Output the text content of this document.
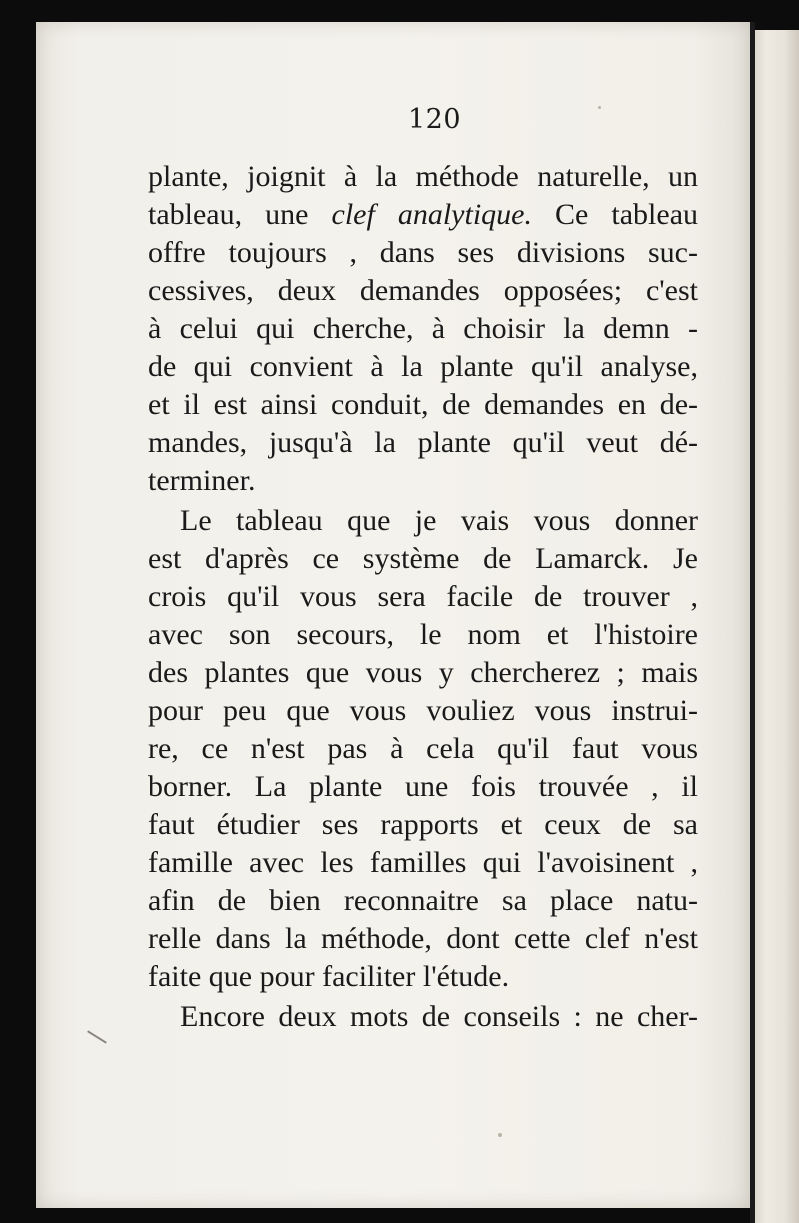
120
plante, joignit à la méthode naturelle, un
tableau, une clef analytique. Ce tableau
offre toujours , dans ses divisions suc-
cessives, deux demandes opposées; c'est
à celui qui cherche, à choisir la demn -
de qui convient à la plante qu'il analyse,
et il est ainsi conduit, de demandes en de-
mandes, jusqu'à la plante qu'il veut dé-
terminer.
Le tableau que je vais vous donner
est d'après ce système de Lamarck. Je
crois qu'il vous sera facile de trouver ,
avec son secours, le nom et l'histoire
des plantes que vous y chercherez ; mais
pour peu que vous vouliez vous instrui-
re, ce n'est pas à cela qu'il faut vous
borner. La plante une fois trouvée , il
faut étudier ses rapports et ceux de sa
famille avec les familles qui l'avoisinent ,
afin de bien reconnaitre sa place natu-
relle dans la méthode, dont cette clef n'est
faite que pour faciliter l'étude.
Encore deux mots de conseils : ne cher-
